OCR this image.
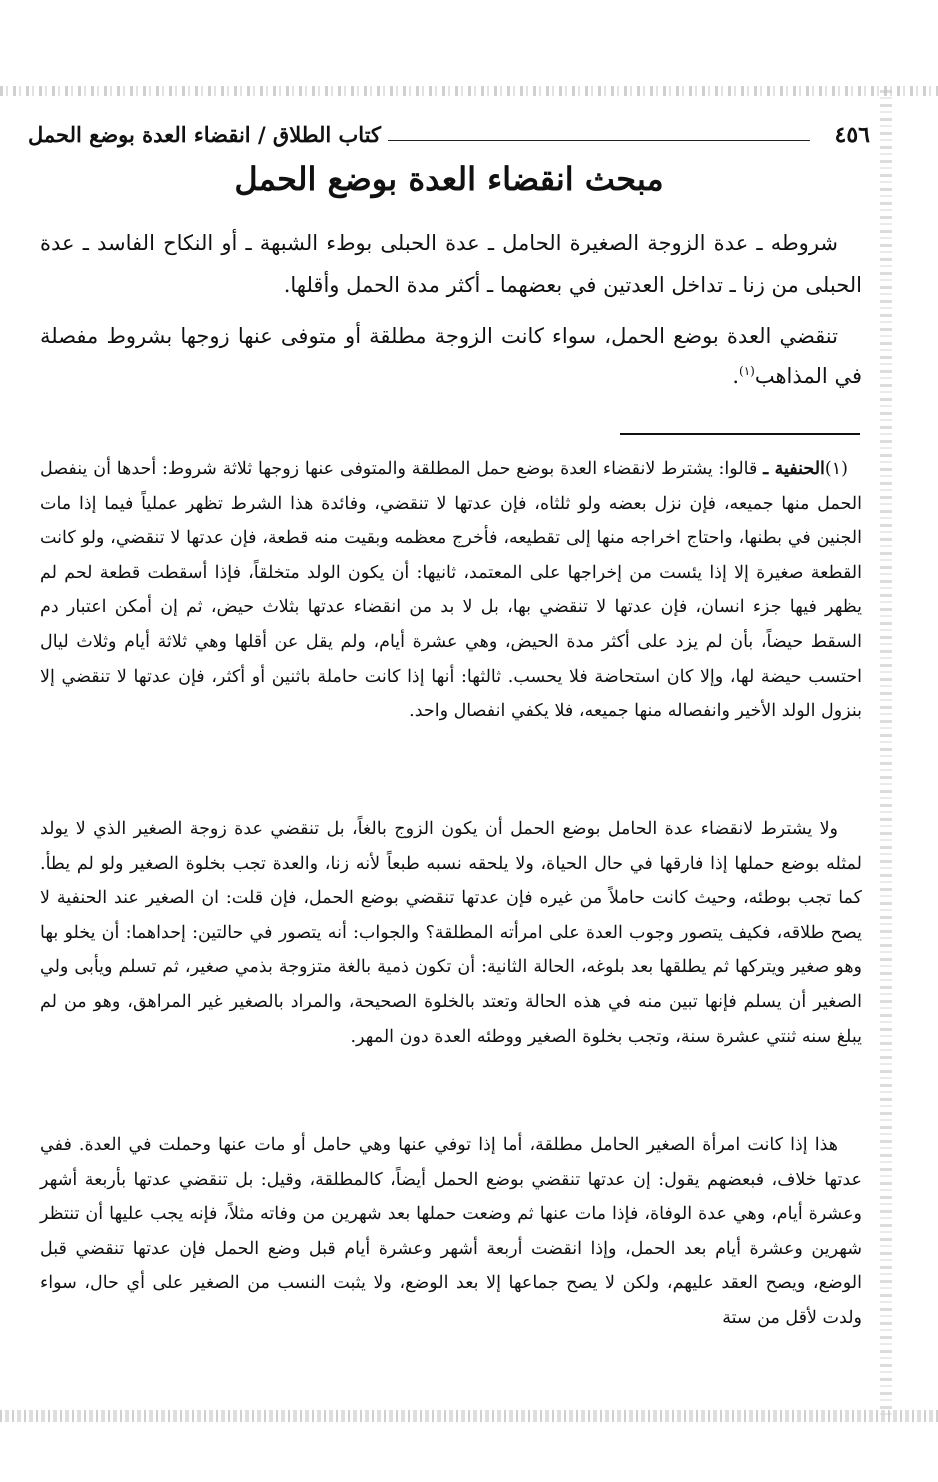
٤٥٦
كتاب الطلاق / انقضاء العدة بوضع الحمل
مبحث انقضاء العدة بوضع الحمل

شروطه ـ عدة الزوجة الصغيرة الحامل ـ عدة الحبلى بوطء الشبهة ـ أو النكاح الفاسد ـ عدة الحبلى من زنا ـ تداخل العدتين في بعضهما ـ أكثر مدة الحمل وأقلها.

تنقضي العدة بوضع الحمل، سواء كانت الزوجة مطلقة أو متوفى عنها زوجها بشروط مفصلة في المذاهب$^{(١)}$.

(١)الحنفية ـ قالوا: يشترط لانقضاء العدة بوضع حمل المطلقة والمتوفى عنها زوجها ثلاثة شروط: أحدها أن ينفصل الحمل منها جميعه، فإن نزل بعضه ولو ثلثاه، فإن عدتها لا تنقضي، وفائدة هذا الشرط تظهر عملياً فيما إذا مات الجنين في بطنها، واحتاج اخراجه منها إلى تقطيعه، فأخرج معظمه وبقيت منه قطعة، فإن عدتها لا تنقضي، ولو كانت القطعة صغيرة إلا إذا يئست من إخراجها على المعتمد، ثانيها: أن يكون الولد متخلقاً، فإذا أسقطت قطعة لحم لم يظهر فيها جزء انسان، فإن عدتها لا تنقضي بها، بل لا بد من انقضاء عدتها بثلاث حيض، ثم إن أمكن اعتبار دم السقط حيضاً، بأن لم يزد على أكثر مدة الحيض، وهي عشرة أيام، ولم يقل عن أقلها وهي ثلاثة أيام وثلاث ليال احتسب حيضة لها، وإلا كان استحاضة فلا يحسب. ثالثها: أنها إذا كانت حاملة باثنين أو أكثر، فإن عدتها لا تنقضي إلا بنزول الولد الأخير وانفصاله منها جميعه، فلا يكفي انفصال واحد.

ولا يشترط لانقضاء عدة الحامل بوضع الحمل أن يكون الزوج بالغاً، بل تنقضي عدة زوجة الصغير الذي لا يولد لمثله بوضع حملها إذا فارقها في حال الحياة، ولا يلحقه نسبه طبعاً لأنه زنا، والعدة تجب بخلوة الصغير ولو لم يطأ. كما تجب بوطئه، وحيث كانت حاملاً من غيره فإن عدتها تنقضي بوضع الحمل، فإن قلت: ان الصغير عند الحنفية لا يصح طلاقه، فكيف يتصور وجوب العدة على امرأته المطلقة؟ والجواب: أنه يتصور في حالتين: إحداهما: أن يخلو بها وهو صغير ويتركها ثم يطلقها بعد بلوغه، الحالة الثانية: أن تكون ذمية بالغة متزوجة بذمي صغير، ثم تسلم ويأبى ولي الصغير أن يسلم فإنها تبين منه في هذه الحالة وتعتد بالخلوة الصحيحة، والمراد بالصغير غير المراهق، وهو من لم يبلغ سنه ثنتي عشرة سنة، وتجب بخلوة الصغير ووطئه العدة دون المهر.

هذا إذا كانت امرأة الصغير الحامل مطلقة، أما إذا توفي عنها وهي حامل أو مات عنها وحملت في العدة. ففي عدتها خلاف، فبعضهم يقول: إن عدتها تنقضي بوضع الحمل أيضاً، كالمطلقة، وقيل: بل تنقضي عدتها بأربعة أشهر وعشرة أيام، وهي عدة الوفاة، فإذا مات عنها ثم وضعت حملها بعد شهرين من وفاته مثلاً، فإنه يجب عليها أن تنتظر شهرين وعشرة أيام بعد الحمل، وإذا انقضت أربعة أشهر وعشرة أيام قبل وضع الحمل فإن عدتها تنقضي قبل الوضع، ويصح العقد عليهم، ولكن لا يصح جماعها إلا بعد الوضع، ولا يثبت النسب من الصغير على أي حال، سواء ولدت لأقل من ستة
